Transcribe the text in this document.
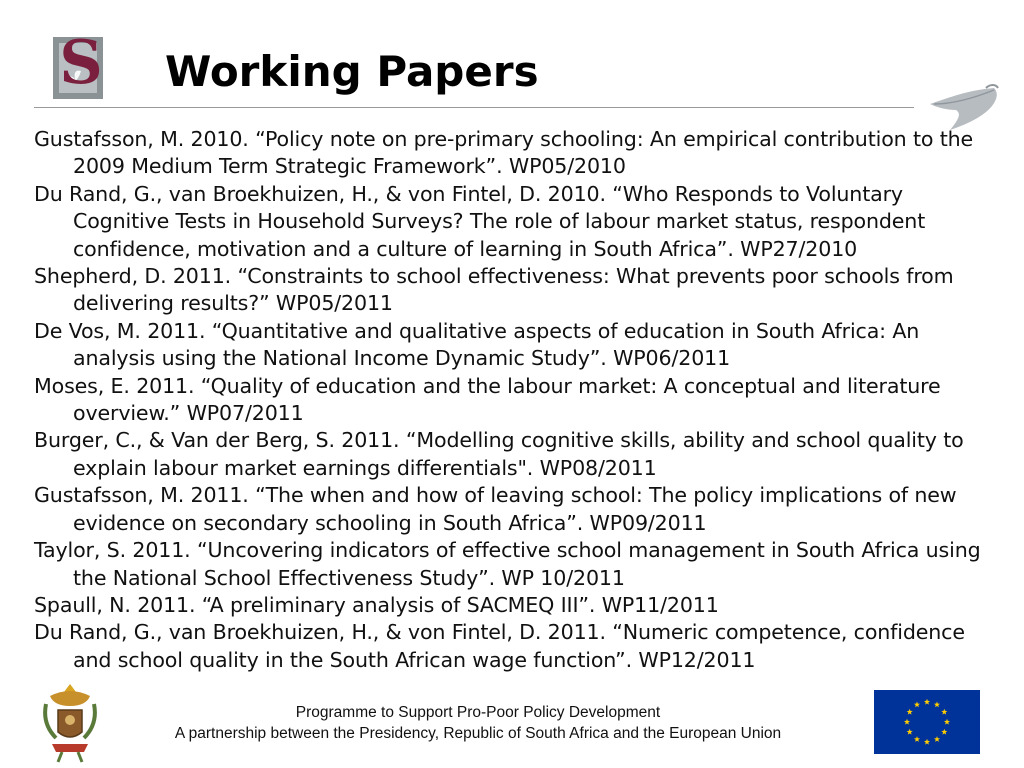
S Working Papers
Gustafsson, M. 2010. “Policy note on pre-primary schooling: An empirical contribution to the 2009 Medium Term Strategic Framework”. WP05/2010
Du Rand, G., van Broekhuizen, H., & von Fintel, D. 2010. “Who Responds to Voluntary Cognitive Tests in Household Surveys? The role of labour market status, respondent confidence, motivation and a culture of learning in South Africa”. WP27/2010
Shepherd, D. 2011. “Constraints to school effectiveness: What prevents poor schools from delivering results?” WP05/2011
De Vos, M. 2011. “Quantitative and qualitative aspects of education in South Africa: An analysis using the National Income Dynamic Study”. WP06/2011
Moses, E. 2011. “Quality of education and the labour market: A conceptual and literature overview.” WP07/2011
Burger, C., & Van der Berg, S. 2011. “Modelling cognitive skills, ability and school quality to explain labour market earnings differentials". WP08/2011
Gustafsson, M. 2011. “The when and how of leaving school: The policy implications of new evidence on secondary schooling in South Africa”. WP09/2011
Taylor, S. 2011. “Uncovering indicators of effective school management in South Africa using the National School Effectiveness Study”. WP 10/2011
Spaull, N. 2011. “A preliminary analysis of SACMEQ III”. WP11/2011
Du Rand, G., van Broekhuizen, H., & von Fintel, D. 2011. “Numeric competence, confidence and school quality in the South African wage function”. WP12/2011
Programme to Support Pro-Poor Policy Development
A partnership between the Presidency, Republic of South Africa and the European Union
